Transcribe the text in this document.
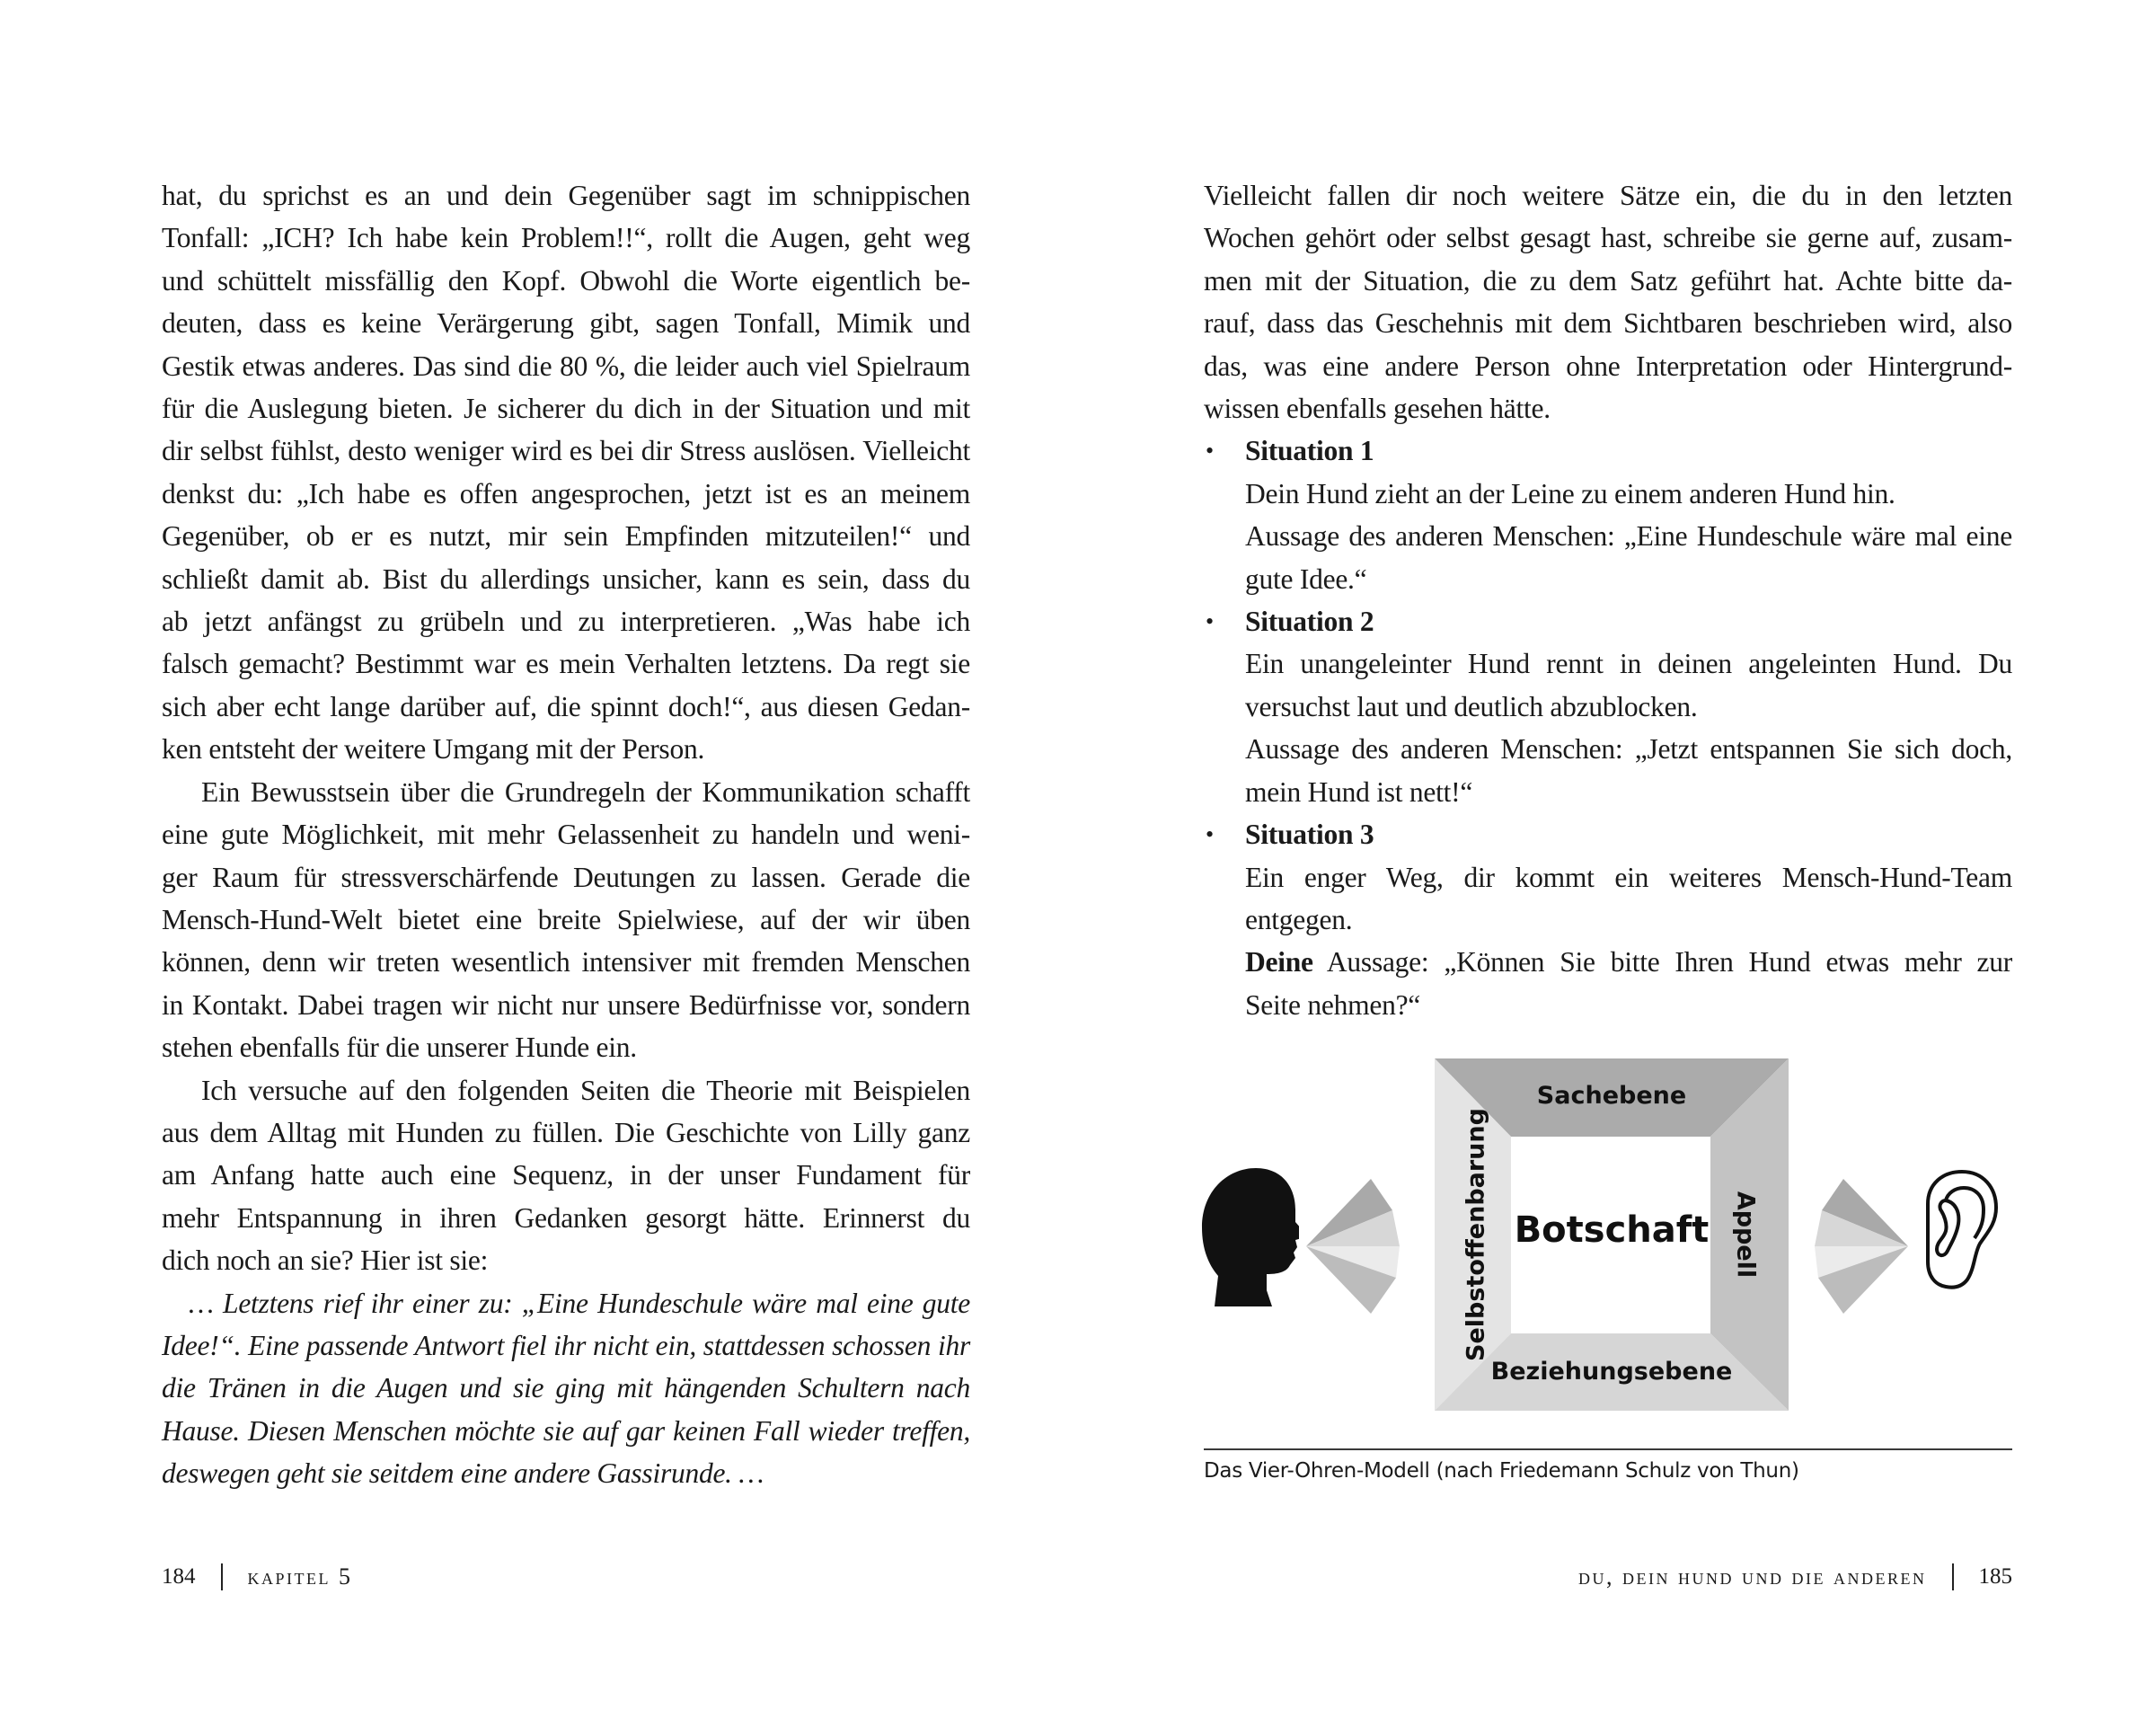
hat, du sprichst es an und dein Gegenüber sagt im schnippischen
Tonfall: „ICH? Ich habe kein Problem!!“, rollt die Augen, geht weg
und schüttelt missfällig den Kopf. Obwohl die Worte eigentlich be-
deuten, dass es keine Verärgerung gibt, sagen Tonfall, Mimik und
Gestik etwas anderes. Das sind die 80 %, die leider auch viel Spielraum
für die Auslegung bieten. Je sicherer du dich in der Situation und mit
dir selbst fühlst, desto weniger wird es bei dir Stress auslösen. Vielleicht
denkst du: „Ich habe es offen angesprochen, jetzt ist es an meinem
Gegenüber, ob er es nutzt, mir sein Empfinden mitzuteilen!“ und
schließt damit ab. Bist du allerdings unsicher, kann es sein, dass du
ab jetzt anfängst zu grübeln und zu interpretieren. „Was habe ich
falsch gemacht? Bestimmt war es mein Verhalten letztens. Da regt sie
sich aber echt lange darüber auf, die spinnt doch!“, aus diesen Gedan-
ken entsteht der weitere Umgang mit der Person.

Ein Bewusstsein über die Grundregeln der Kommunikation schafft
eine gute Möglichkeit, mit mehr Gelassenheit zu handeln und weni-
ger Raum für stressverschärfende Deutungen zu lassen. Gerade die
Mensch-Hund-Welt bietet eine breite Spielwiese, auf der wir üben
können, denn wir treten wesentlich intensiver mit fremden Menschen
in Kontakt. Dabei tragen wir nicht nur unsere Bedürfnisse vor, sondern
stehen ebenfalls für die unserer Hunde ein.

Ich versuche auf den folgenden Seiten die Theorie mit Beispielen
aus dem Alltag mit Hunden zu füllen. Die Geschichte von Lilly ganz
am Anfang hatte auch eine Sequenz, in der unser Fundament für
mehr Entspannung in ihren Gedanken gesorgt hätte. Erinnerst du
dich noch an sie? Hier ist sie:

… Letztens rief ihr einer zu: „Eine Hundeschule wäre mal eine gute
Idee!“. Eine passende Antwort fiel ihr nicht ein, stattdessen schossen ihr
die Tränen in die Augen und sie ging mit hängenden Schultern nach
Hause. Diesen Menschen möchte sie auf gar keinen Fall wieder treffen,
deswegen geht sie seitdem eine andere Gassirunde. …

184 kapitel 5

Vielleicht fallen dir noch weitere Sätze ein, die du in den letzten
Wochen gehört oder selbst gesagt hast, schreibe sie gerne auf, zusam-
men mit der Situation, die zu dem Satz geführt hat. Achte bitte da-
rauf, dass das Geschehnis mit dem Sichtbaren beschrieben wird, also
das, was eine andere Person ohne Interpretation oder Hintergrund-
wissen ebenfalls gesehen hätte.

• Situation 1
Dein Hund zieht an der Leine zu einem anderen Hund hin.
Aussage des anderen Menschen: „Eine Hundeschule wäre mal eine
gute Idee.“
• Situation 2
Ein unangeleinter Hund rennt in deinen angeleinten Hund. Du
versuchst laut und deutlich abzublocken.
Aussage des anderen Menschen: „Jetzt entspannen Sie sich doch,
mein Hund ist nett!“
• Situation 3
Ein enger Weg, dir kommt ein weiteres Mensch-Hund-Team
entgegen.
Deine Aussage: „Können Sie bitte Ihren Hund etwas mehr zur
Seite nehmen?“
Sachebene
Beziehungsebene
Selbstoffenbarung	Appell
Botschaft
Das Vier-Ohren-Modell (nach Friedemann Schulz von Thun)
du, dein hund und die anderen 185
